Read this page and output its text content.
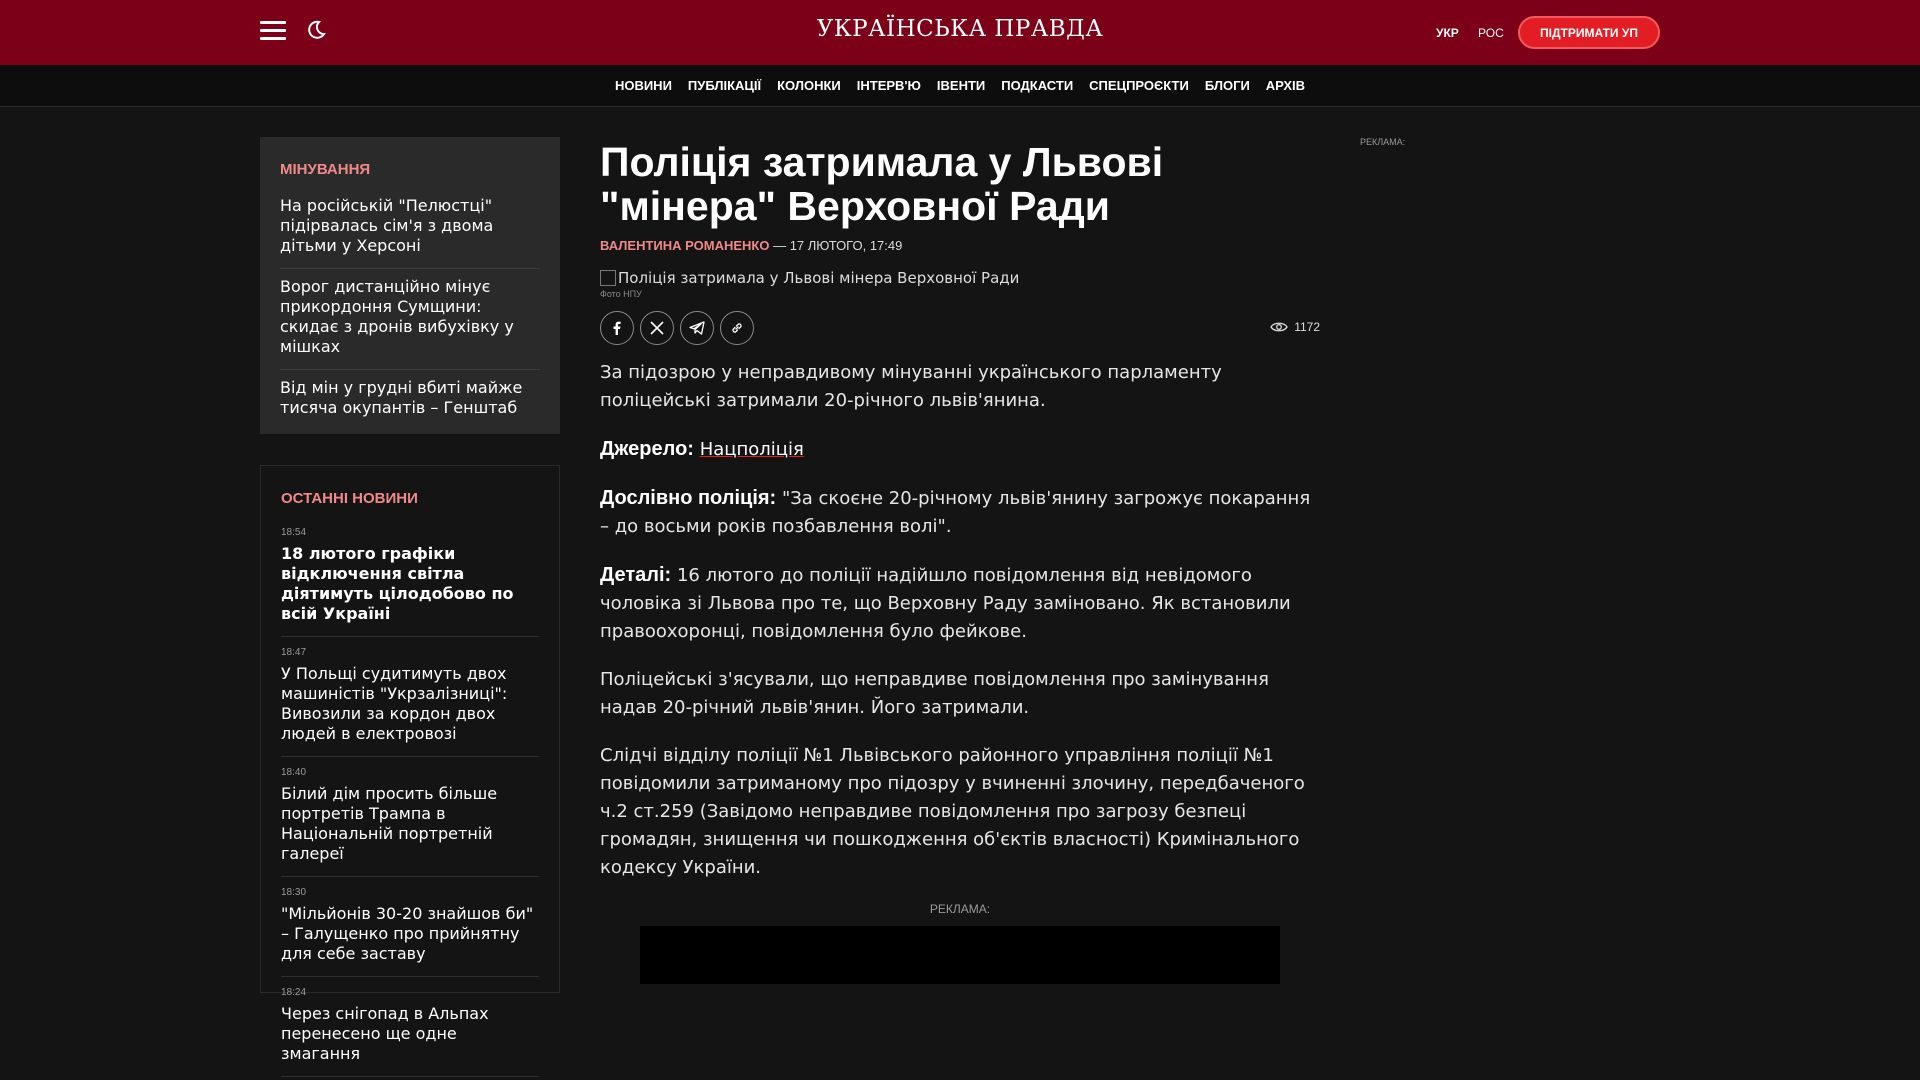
УКРАЇНСЬКА ПРАВДА	УКР РОС	ПІДТРИМАТИ УП
НОВИНИ ПУБЛІКАЦІЇ КОЛОНКИ ІНТЕРВ'Ю ІВЕНТИ ПОДКАСТИ СПЕЦПРОЄКТИ БЛОГИ АРХІВ
МІНУВАННЯ
На російській "Пелюстці" підірвалась сім'я з двома дітьми у Херсоні
Ворог дистанційно мінує прикордоння Сумщини: скидає з дронів вибухівку у мішках
Від мін у грудні вбиті майже тисяча окупантів – Генштаб
ОСТАННІ НОВИНИ
18:54
18 лютого графіки відключення світла діятимуть цілодобово по всій Україні
18:47
У Польщі судитимуть двох машиністів "Укрзалізниці": Вивозили за кордон двох людей в електровозі
18:40
Білий дім просить більше портретів Трампа в Національній портретній галереї
18:30
"Мільйонів 30-20 знайшов би" – Галущенко про прийнятну для себе заставу
18:24
Через снігопад в Альпах перенесено ще одне змагання
Поліція затримала у Львові "мінера" Верховної Ради
ВАЛЕНТИНА РОМАНЕНКО — 17 ЛЮТОГО, 17:49
Поліція затримала у Львові мінера Верховної Ради
Фото НПУ
1172

За підозрою у неправдивому мінуванні українського парламенту поліцейські затримали 20-річного львів'янина.

Джерело: Нацполіція

Дослівно поліція: "За скоєне 20-річному львів'янину загрожує покарання – до восьми років позбавлення волі".

Деталі: 16 лютого до поліції надійшло повідомлення від невідомого чоловіка зі Львова про те, що Верховну Раду заміновано. Як встановили правоохоронці, повідомлення було фейкове.

Поліцейські з'ясували, що неправдиве повідомлення про замінування надав 20-річний львів'янин. Його затримали.

Слідчі відділу поліції №1 Львівського районного управління поліції №1 повідомили затриманому про підозру у вчиненні злочину, передбаченого ч.2 ст.259 (Завідомо неправдиве повідомлення про загрозу безпеці громадян, знищення чи пошкодження об'єктів власності) Кримінального кодексу України.

РЕКЛАМА:
РЕКЛАМА:
